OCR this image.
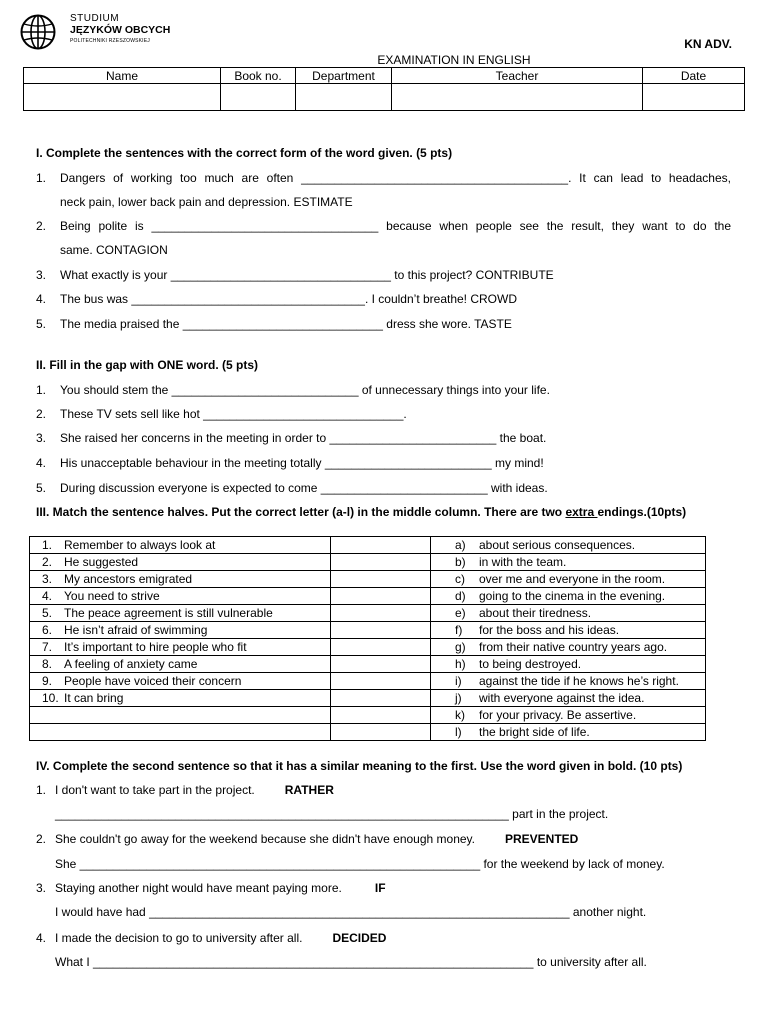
STUDIUM
JĘZYKÓW OBCYCH
POLITECHNIKI RZESZOWSKIEJ	KN ADV.
EXAMINATION IN ENGLISH
Name	Book no.	Department	Teacher	Date

I. Complete the sentences with the correct form of the word given. (5 pts)
1. Dangers of working too much are often ________________________________________. It can lead to headaches,
neck pain, lower back pain and depression. ESTIMATE
2. Being polite is __________________________________ because when people see the result, they want to do the
same. CONTAGION
3. What exactly is your _________________________________ to this project? CONTRIBUTE
4. The bus was ___________________________________. I couldn’t breathe! CROWD
5. The media praised the ______________________________ dress she wore. TASTE
II. Fill in the gap with ONE word. (5 pts)
1. You should stem the ____________________________ of unnecessary things into your life.
2. These TV sets sell like hot ______________________________.
3. She raised her concerns in the meeting in order to _________________________ the boat.
4. His unacceptable behaviour in the meeting totally _________________________ my mind!
5. During discussion everyone is expected to come _________________________ with ideas.
III. Match the sentence halves. Put the correct letter (a-l) in the middle column. There are two extra endings.(10pts)
1. Remember to always look at		a) about serious consequences.
2. He suggested		b) in with the team.
3. My ancestors emigrated		c) over me and everyone in the room.
4. You need to strive		d) going to the cinema in the evening.
5. The peace agreement is still vulnerable		e) about their tiredness.
6. He isn’t afraid of swimming		f) for the boss and his ideas.
7. It’s important to hire people who fit		g) from their native country years ago.
8. A feeling of anxiety came		h) to being destroyed.
9. People have voiced their concern		i) against the tide if he knows he’s right.
10. It can bring		j) with everyone against the idea.
		k) for your privacy. Be assertive.
		l) the bright side of life.
IV. Complete the second sentence so that it has a similar meaning to the first. Use the word given in bold. (10 pts)
1. I don't want to take part in the project.	RATHER
____________________________________________________________________ part in the project.
2. She couldn't go away for the weekend because she didn't have enough money.	PREVENTED
She ____________________________________________________________ for the weekend by lack of money.
3. Staying another night would have meant paying more.	IF
I would have had _______________________________________________________________ another night.
4. I made the decision to go to university after all.	DECIDED
What I __________________________________________________________________ to university after all.
